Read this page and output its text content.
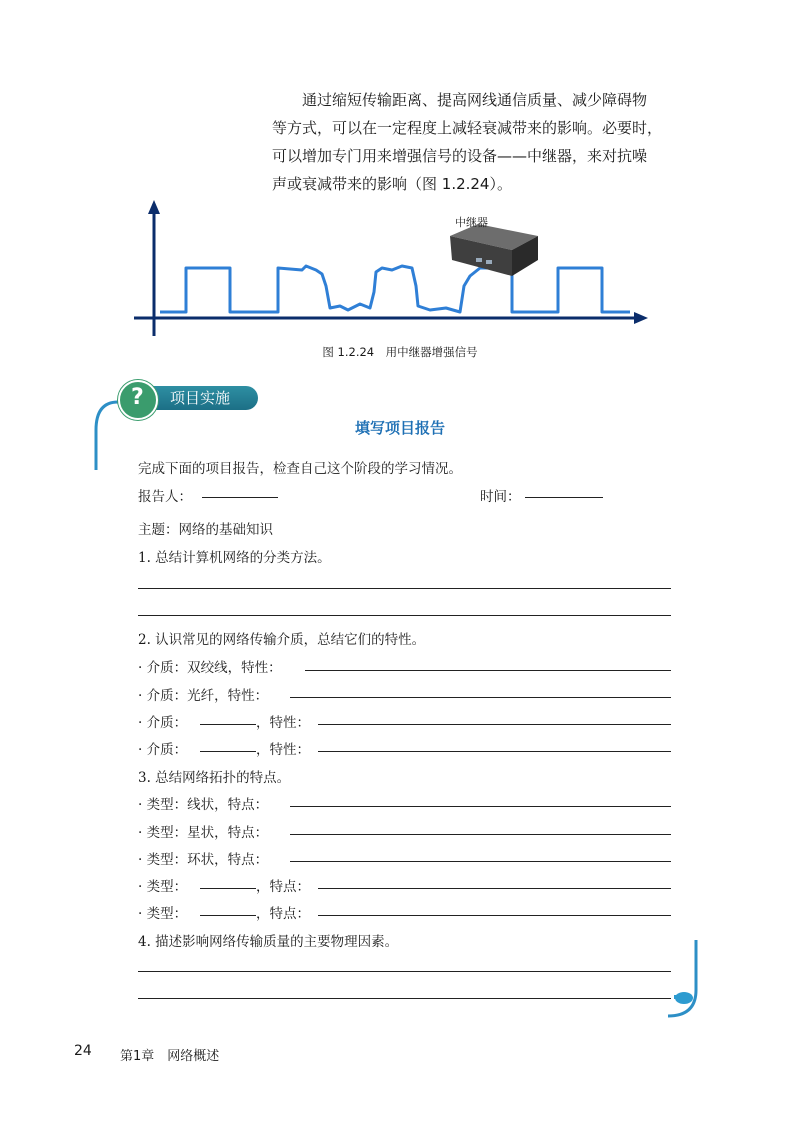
　　通过缩短传输距离、提高网线通信质量、减少障碍物

等方式，可以在一定程度上减轻衰减带来的影响。必要时，

可以增加专门用来增强信号的设备——中继器，来对抗噪

声或衰减带来的影响（图 1.2.24）。

中继器
图 1.2.24　用中继器增强信号
项目实施
?
填写项目报告
完成下面的项目报告，检查自己这个阶段的学习情况。
报告人：	时间：
主题：网络的基础知识
1. 总结计算机网络的分类方法。
2. 认识常见的网络传输介质，总结它们的特性。
· 介质：双绞线，特性：
· 介质：光纤，特性：
· 介质：	，特性：
· 介质：	，特性：
3. 总结网络拓扑的特点。
· 类型：线状，特点：
· 类型：星状，特点：
· 类型：环状，特点：
· 类型：	，特点：
· 类型：	，特点：
4. 描述影响网络传输质量的主要物理因素。
24 第1章　网络概述
